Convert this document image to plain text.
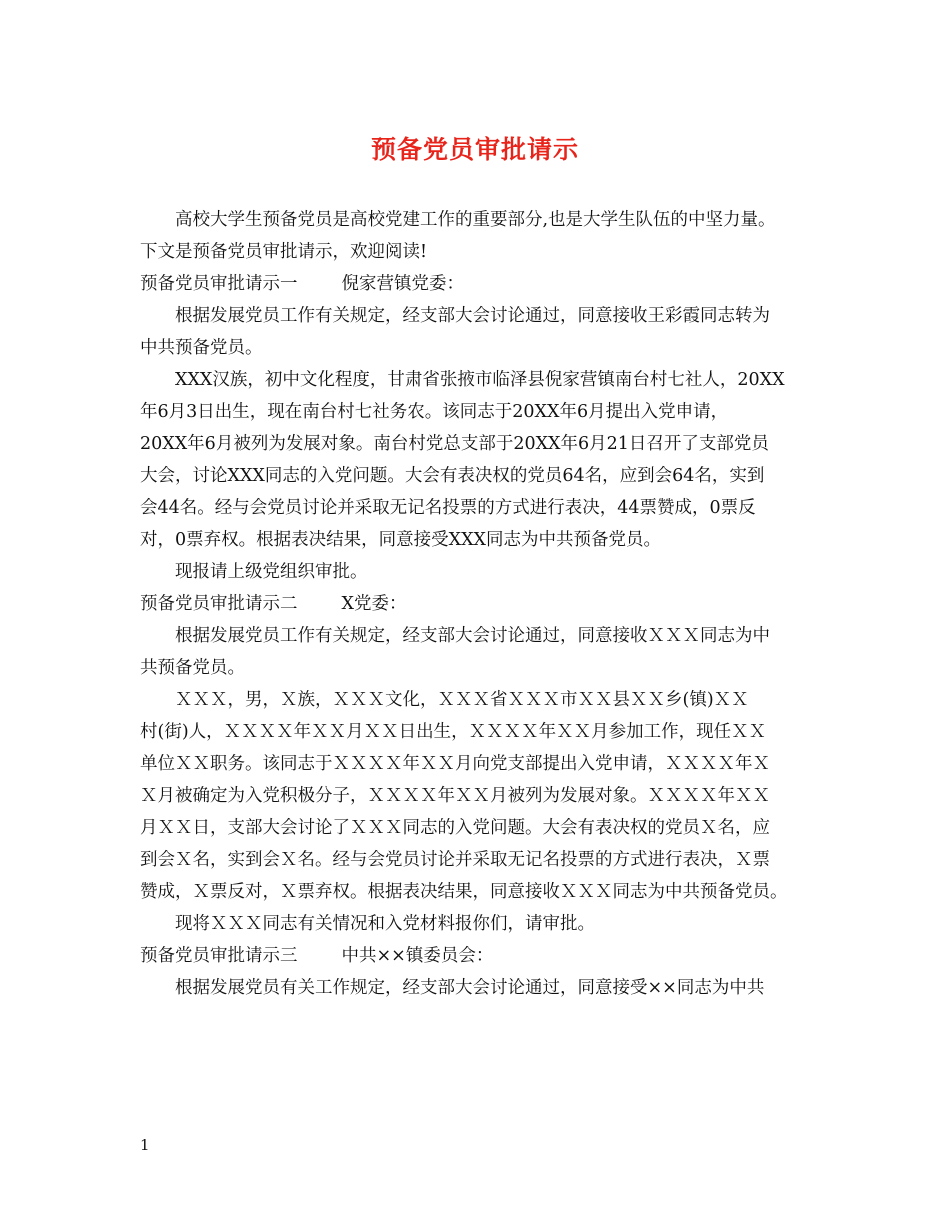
预备党员审批请示
高校大学生预备党员是高校党建工作的重要部分,也是大学生队伍的中坚力量。
下文是预备党员审批请示，欢迎阅读!
预备党员审批请示一	倪家营镇党委：
根据发展党员工作有关规定，经支部大会讨论通过，同意接收王彩霞同志转为
中共预备党员。
XXX汉族，初中文化程度，甘肃省张掖市临泽县倪家营镇南台村七社人，20XX
年6月3日出生，现在南台村七社务农。该同志于20XX年6月提出入党申请，
20XX年6月被列为发展对象。南台村党总支部于20XX年6月21日召开了支部党员
大会，讨论XXX同志的入党问题。大会有表决权的党员64名，应到会64名，实到
会44名。经与会党员讨论并采取无记名投票的方式进行表决，44票赞成，0票反
对，0票弃权。根据表决结果，同意接受XXX同志为中共预备党员。
现报请上级党组织审批。
预备党员审批请示二	X党委：
根据发展党员工作有关规定，经支部大会讨论通过，同意接收ＸＸＸ同志为中
共预备党员。
ＸＸＸ，男，Ｘ族，ＸＸＸ文化，ＸＸＸ省ＸＸＸ市ＸＸ县ＸＸ乡(镇)ＸＸ
村(街)人，ＸＸＸＸ年ＸＸ月ＸＸ日出生，ＸＸＸＸ年ＸＸ月参加工作，现任ＸＸ
单位ＸＸ职务。该同志于ＸＸＸＸ年ＸＸ月向党支部提出入党申请，ＸＸＸＸ年Ｘ
Ｘ月被确定为入党积极分子，ＸＸＸＸ年ＸＸ月被列为发展对象。ＸＸＸＸ年ＸＸ
月ＸＸ日，支部大会讨论了ＸＸＸ同志的入党问题。大会有表决权的党员Ｘ名，应
到会Ｘ名，实到会Ｘ名。经与会党员讨论并采取无记名投票的方式进行表决，Ｘ票
赞成，Ｘ票反对，Ｘ票弃权。根据表决结果，同意接收ＸＸＸ同志为中共预备党员。
现将ＸＸＸ同志有关情况和入党材料报你们，请审批。
预备党员审批请示三	中共××镇委员会：
根据发展党员有关工作规定，经支部大会讨论通过，同意接受××同志为中共
1
